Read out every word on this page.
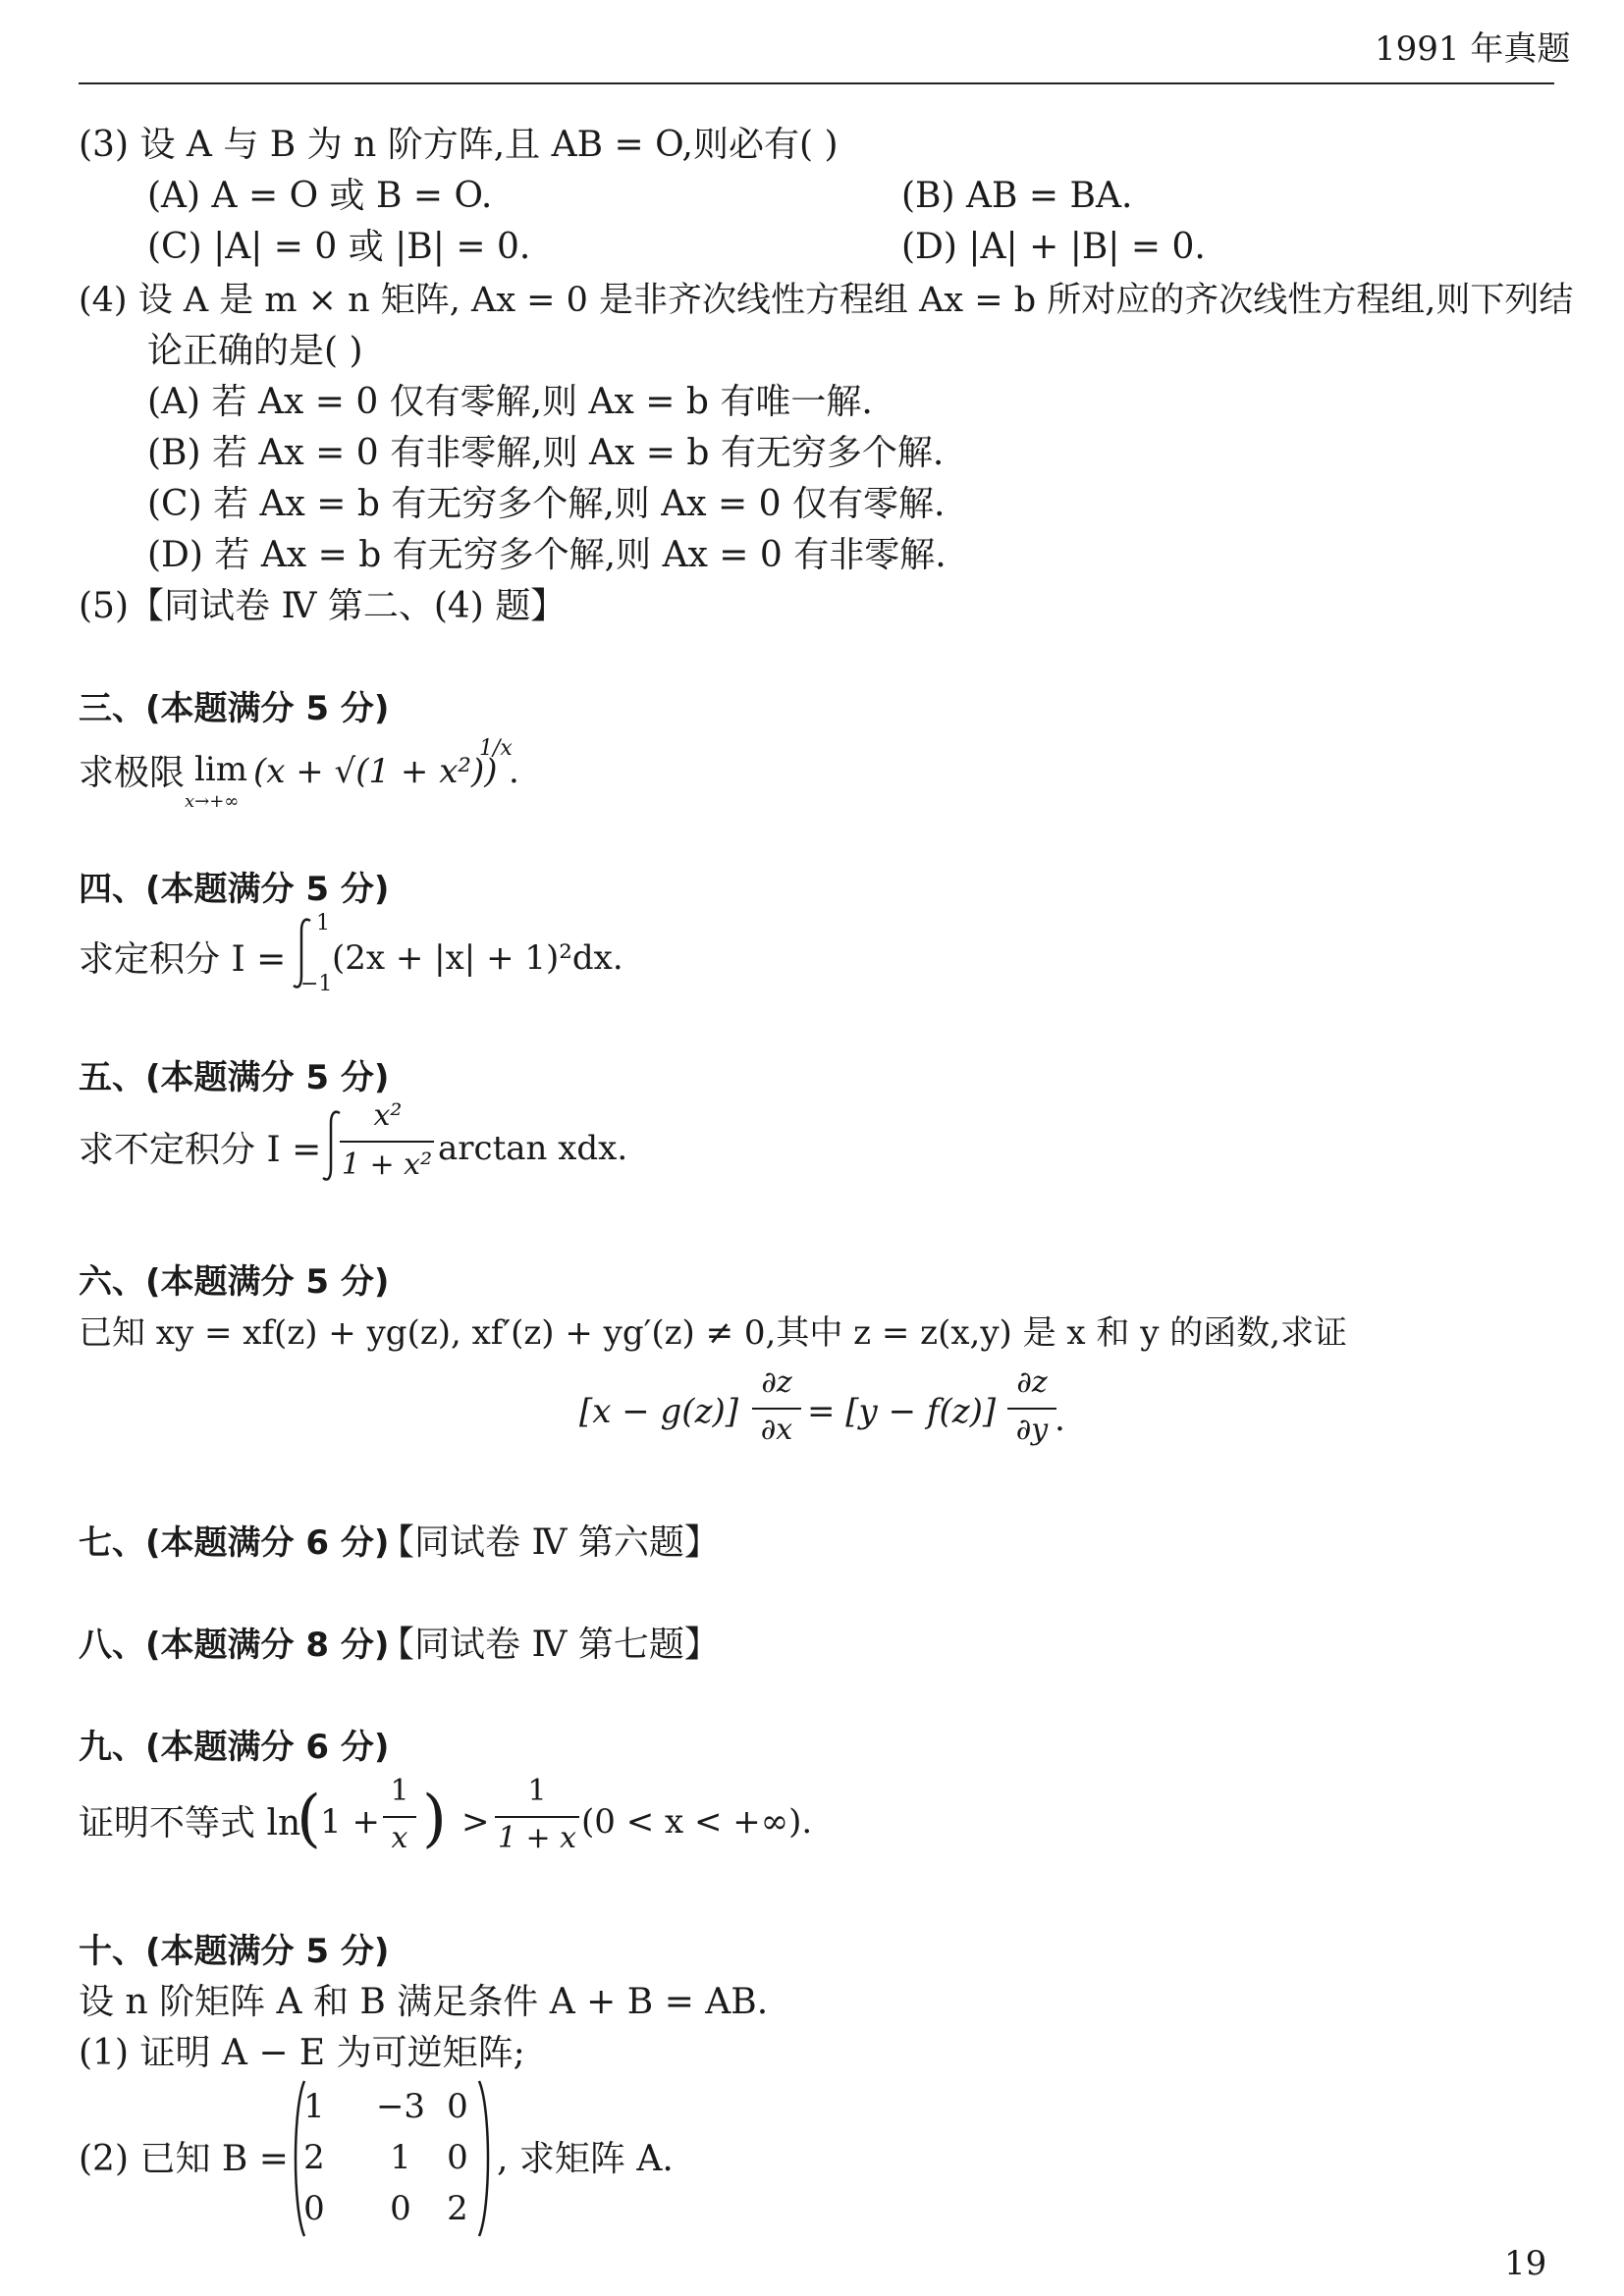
1991 年真题
(3) 设 A 与 B 为 n 阶方阵,且 AB = O,则必有( )
(A) A = O 或 B = O.	(B) AB = BA.
(C) |A| = 0 或 |B| = 0.	(D) |A| + |B| = 0.
(4) 设 A 是 m × n 矩阵, Ax = 0 是非齐次线性方程组 Ax = b 所对应的齐次线性方程组,则下列结
论正确的是( )
(A) 若 Ax = 0 仅有零解,则 Ax = b 有唯一解.
(B) 若 Ax = 0 有非零解,则 Ax = b 有无穷多个解.
(C) 若 Ax = b 有无穷多个解,则 Ax = 0 仅有零解.
(D) 若 Ax = b 有无穷多个解,则 Ax = 0 有非零解.
(5)【同试卷 Ⅳ 第二、(4) 题】
三、(本题满分 5 分)
求极限 lim
x→+∞
(x + √(1 + x²))
1/x
.
四、(本题满分 5 分)
求定积分 I =
1
−1
(2x + |x| + 1)²dx.
五、(本题满分 5 分)
求不定积分 I =
x²
1 + x² arctan xdx.
六、(本题满分 5 分)
已知 xy = xf(z) + yg(z), xf′(z) + yg′(z) ≠ 0,其中 z = z(x,y) 是 x 和 y 的函数,求证
[x − g(z)]
∂z
∂x = [y − f(z)]
∂z
∂y .
七、(本题满分 6 分)
【同试卷 Ⅳ 第六题】
八、(本题满分 8 分)
【同试卷 Ⅳ 第七题】
九、(本题满分 6 分)
证明不等式 ln
( 1 +
1
x ) >
1
1 + x (0 < x < +∞).
十、(本题满分 5 分)
设 n 阶矩阵 A 和 B 满足条件 A + B = AB.
(1) 证明 A − E 为可逆矩阵;
(2) 已知 B =
1 −3 0
2 1 0
0 0 2
, 求矩阵 A.
19
